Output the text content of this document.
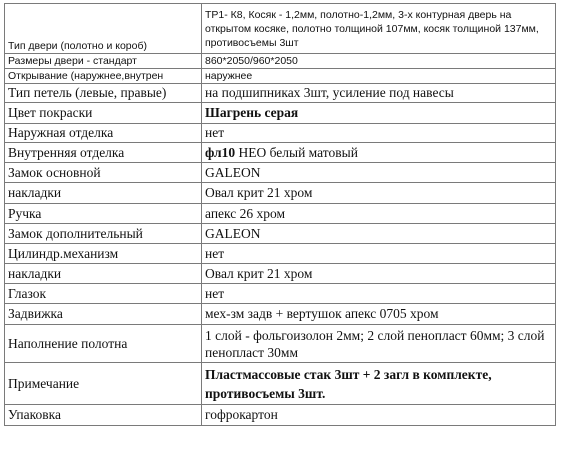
Тип двери (полотно и короб)	ТР1- К8, Косяк - 1,2мм, полотно-1,2мм, 3-х контурная дверь на открытом косяке, полотно толщиной 107мм, косяк толщиной 137мм, противосъемы 3шт
Размеры двери - стандарт	860*2050/960*2050
Открывание (наружнее,внутрен	наружнее
Тип петель (левые, правые)	на подшипниках 3шт, усиление под навесы
Цвет покраски	Шагрень серая
Наружная отделка	нет
Внутренняя отделка	фл10 НЕО белый матовый
Замок основной	GALEON
накладки	Овал крит 21 хром
Ручка	апекс 26 хром
Замок дополнительный	GALEON
Цилиндр.механизм	нет
накладки	Овал крит 21 хром
Глазок	нет
Задвижка	мех-зм задв + вертушок апекс 0705 хром
Наполнение полотна	1 слой - фольгоизолон 2мм; 2 слой пенопласт 60мм; 3 слой пенопласт 30мм
Примечание	Пластмассовые стак 3шт + 2 загл в комплекте, противосъемы 3шт.
Упаковка	гофрокартон
